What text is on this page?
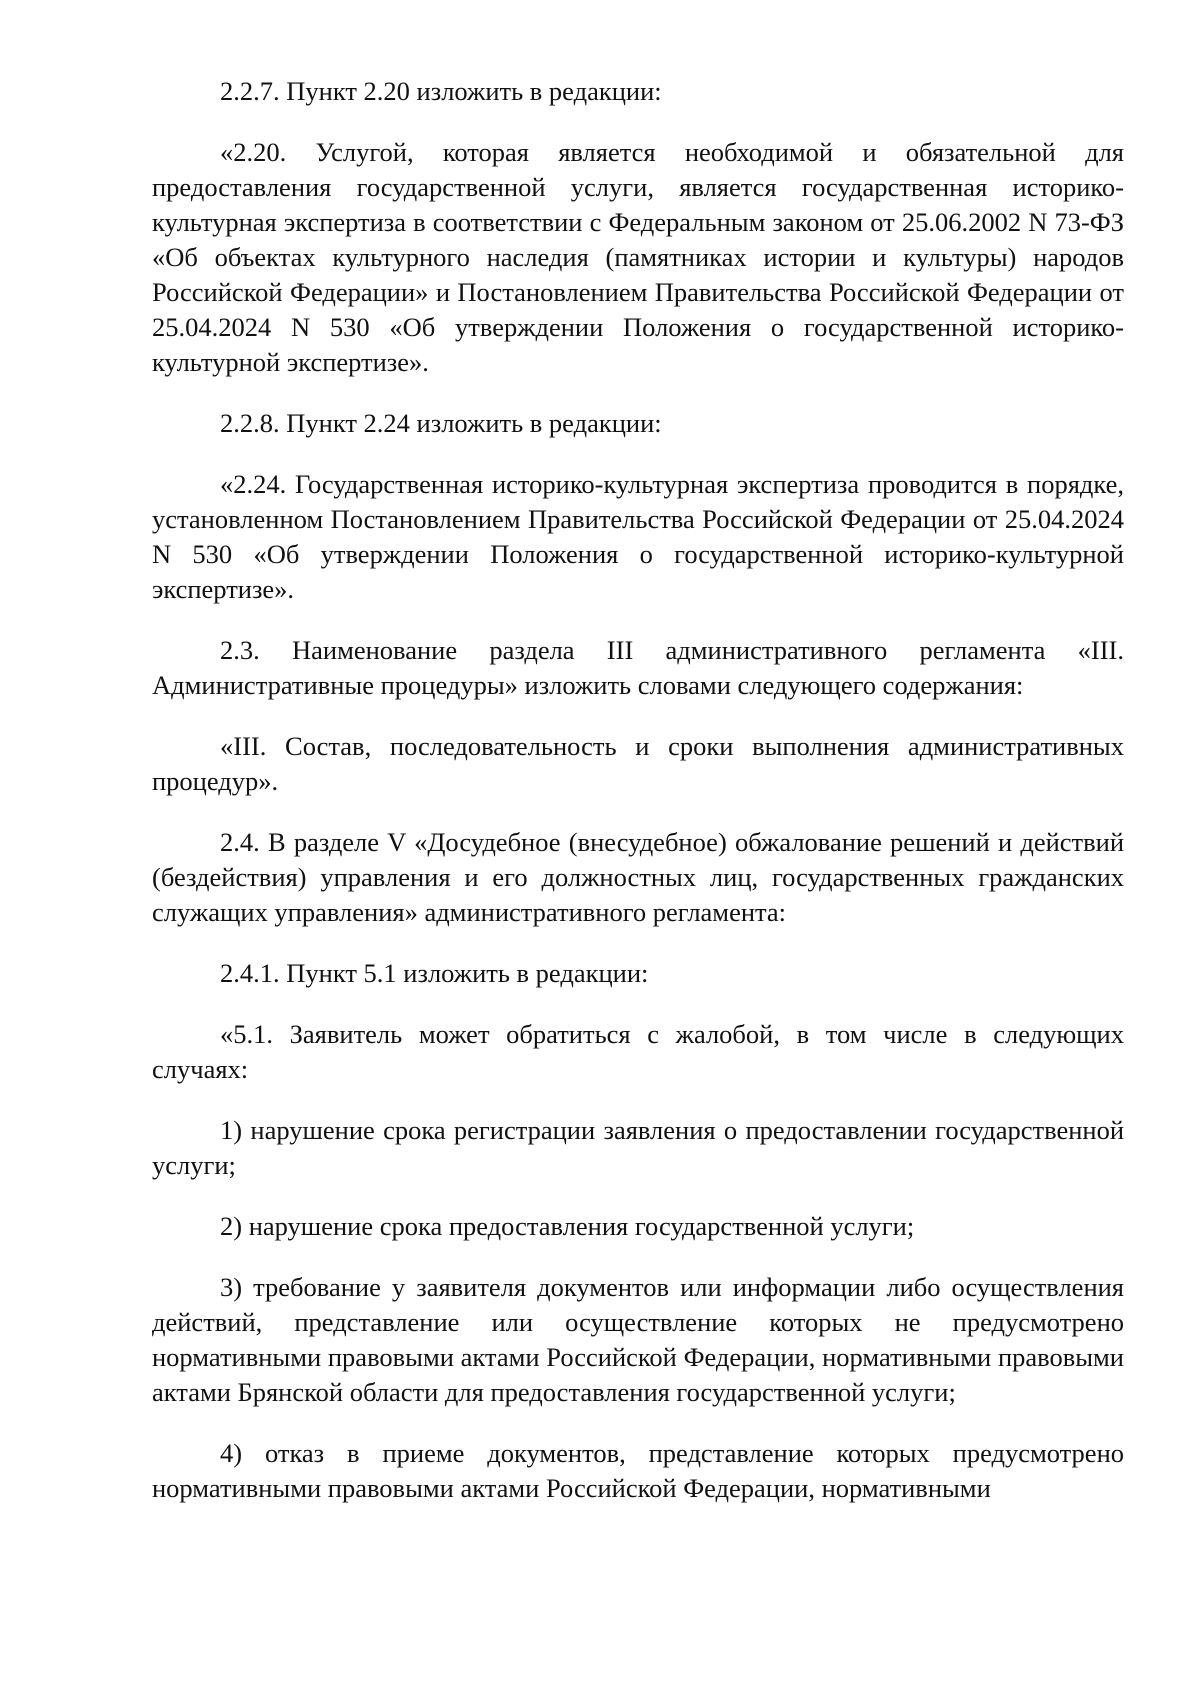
2.2.7. Пункт 2.20 изложить в редакции:

«2.20. Услугой, которая является необходимой и обязательной для предоставления государственной услуги, является государственная историко-культурная экспертиза в соответствии с Федеральным законом от 25.06.2002 N 73-ФЗ «Об объектах культурного наследия (памятниках истории и культуры) народов Российской Федерации» и Постановлением Правительства Российской Федерации от 25.04.2024 N 530 «Об утверждении Положения о государственной историко-культурной экспертизе».

2.2.8. Пункт 2.24 изложить в редакции:

«2.24. Государственная историко-культурная экспертиза проводится в порядке, установленном Постановлением Правительства Российской Федерации от 25.04.2024 N 530 «Об утверждении Положения о государственной историко-культурной экспертизе».

2.3. Наименование раздела III административного регламента «III. Административные процедуры» изложить словами следующего содержания:

«III. Состав, последовательность и сроки выполнения административных процедур».

2.4. В разделе V «Досудебное (внесудебное) обжалование решений и действий (бездействия) управления и его должностных лиц, государственных гражданских служащих управления» административного регламента:

2.4.1. Пункт 5.1 изложить в редакции:

«5.1. Заявитель может обратиться с жалобой, в том числе в следующих случаях:

1) нарушение срока регистрации заявления о предоставлении государственной услуги;

2) нарушение срока предоставления государственной услуги;

3) требование у заявителя документов или информации либо осуществления действий, представление или осуществление которых не предусмотрено нормативными правовыми актами Российской Федерации, нормативными правовыми актами Брянской области для предоставления государственной услуги;

4) отказ в приеме документов, представление которых предусмотрено нормативными правовыми актами Российской Федерации, нормативными
